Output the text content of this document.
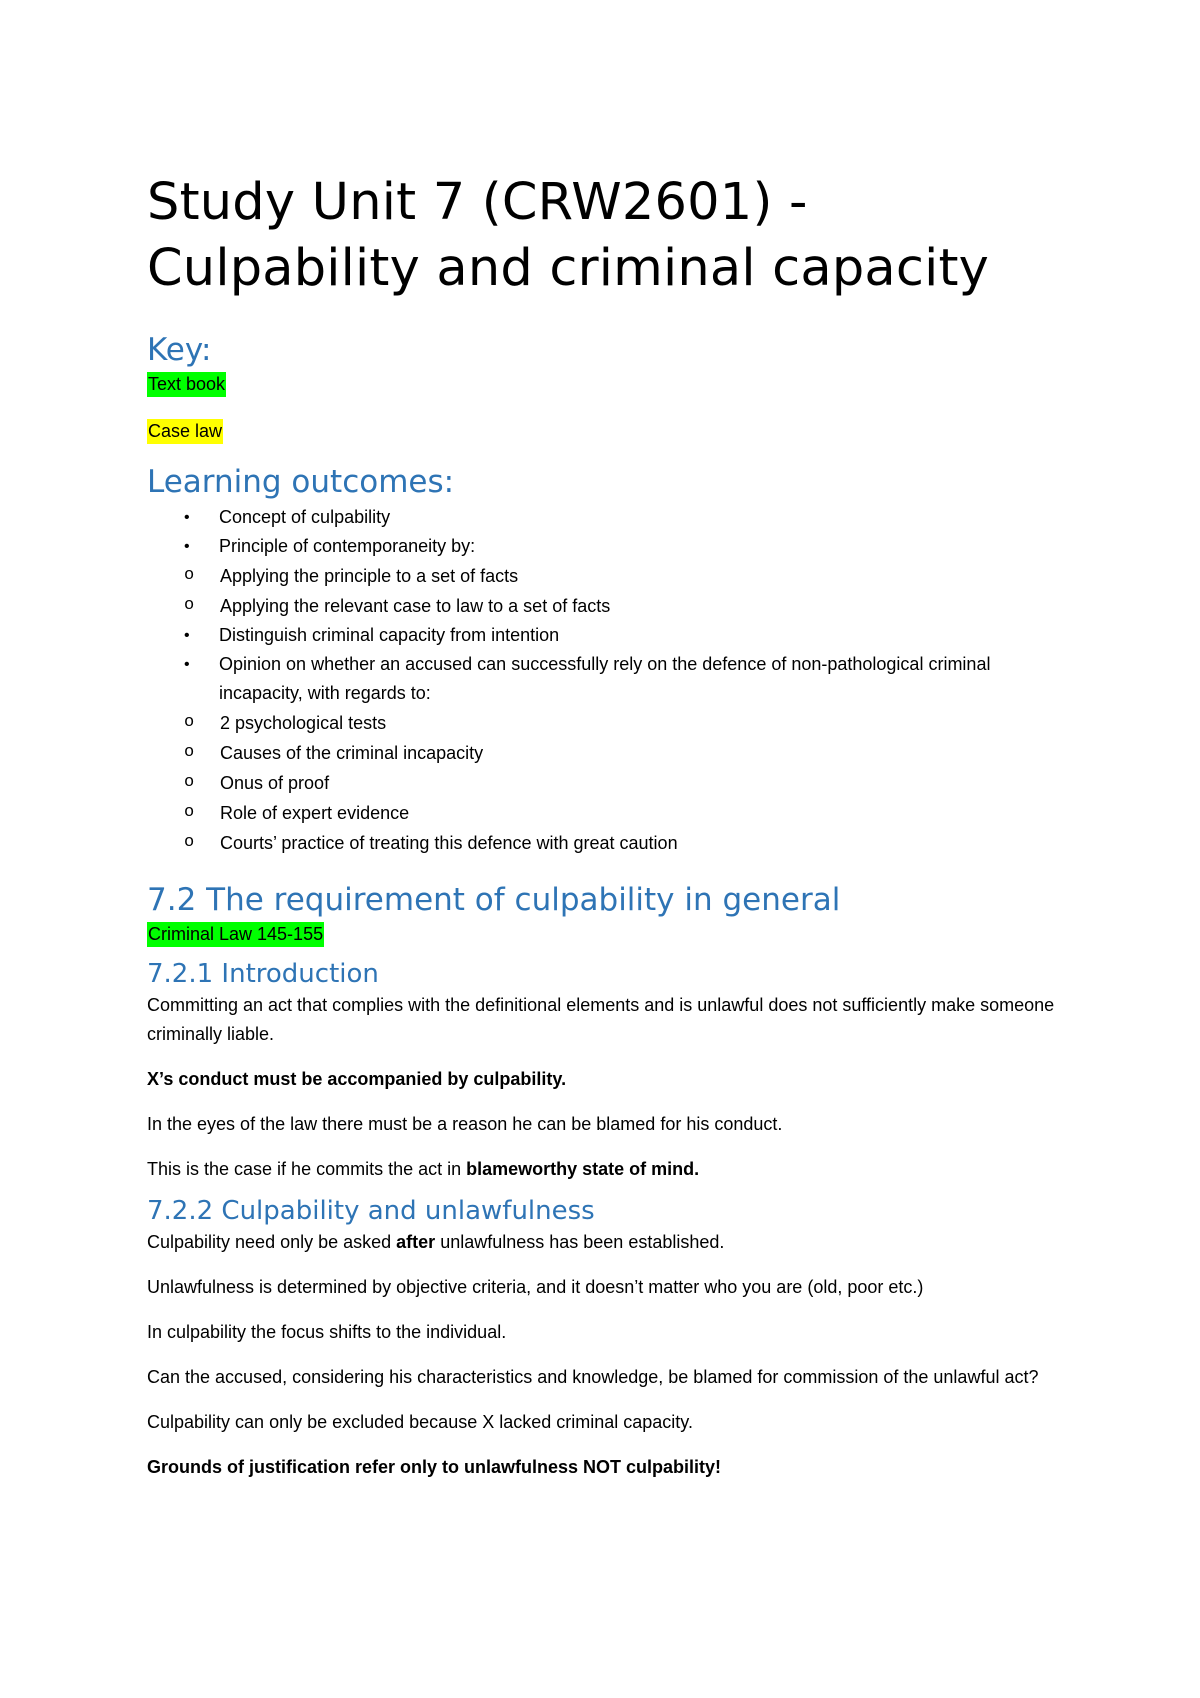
Study Unit 7 (CRW2601) -
Culpability and criminal capacity
Key:
Text book
Case law
Learning outcomes:
• Concept of culpability
• Principle of contemporaneity by:
o Applying the principle to a set of facts
o Applying the relevant case to law to a set of facts
• Distinguish criminal capacity from intention
• Opinion on whether an accused can successfully rely on the defence of non-pathological criminal incapacity, with regards to:
o 2 psychological tests
o Causes of the criminal incapacity
o Onus of proof
o Role of expert evidence
o Courts’ practice of treating this defence with great caution
7.2 The requirement of culpability in general
Criminal Law 145-155
7.2.1 Introduction

Committing an act that complies with the definitional elements and is unlawful does not sufficiently make someone criminally liable.

X’s conduct must be accompanied by culpability.

In the eyes of the law there must be a reason he can be blamed for his conduct.

This is the case if he commits the act in blameworthy state of mind.

7.2.2 Culpability and unlawfulness

Culpability need only be asked after unlawfulness has been established.

Unlawfulness is determined by objective criteria, and it doesn’t matter who you are (old, poor etc.)

In culpability the focus shifts to the individual.

Can the accused, considering his characteristics and knowledge, be blamed for commission of the unlawful act?

Culpability can only be excluded because X lacked criminal capacity.

Grounds of justification refer only to unlawfulness NOT culpability!
